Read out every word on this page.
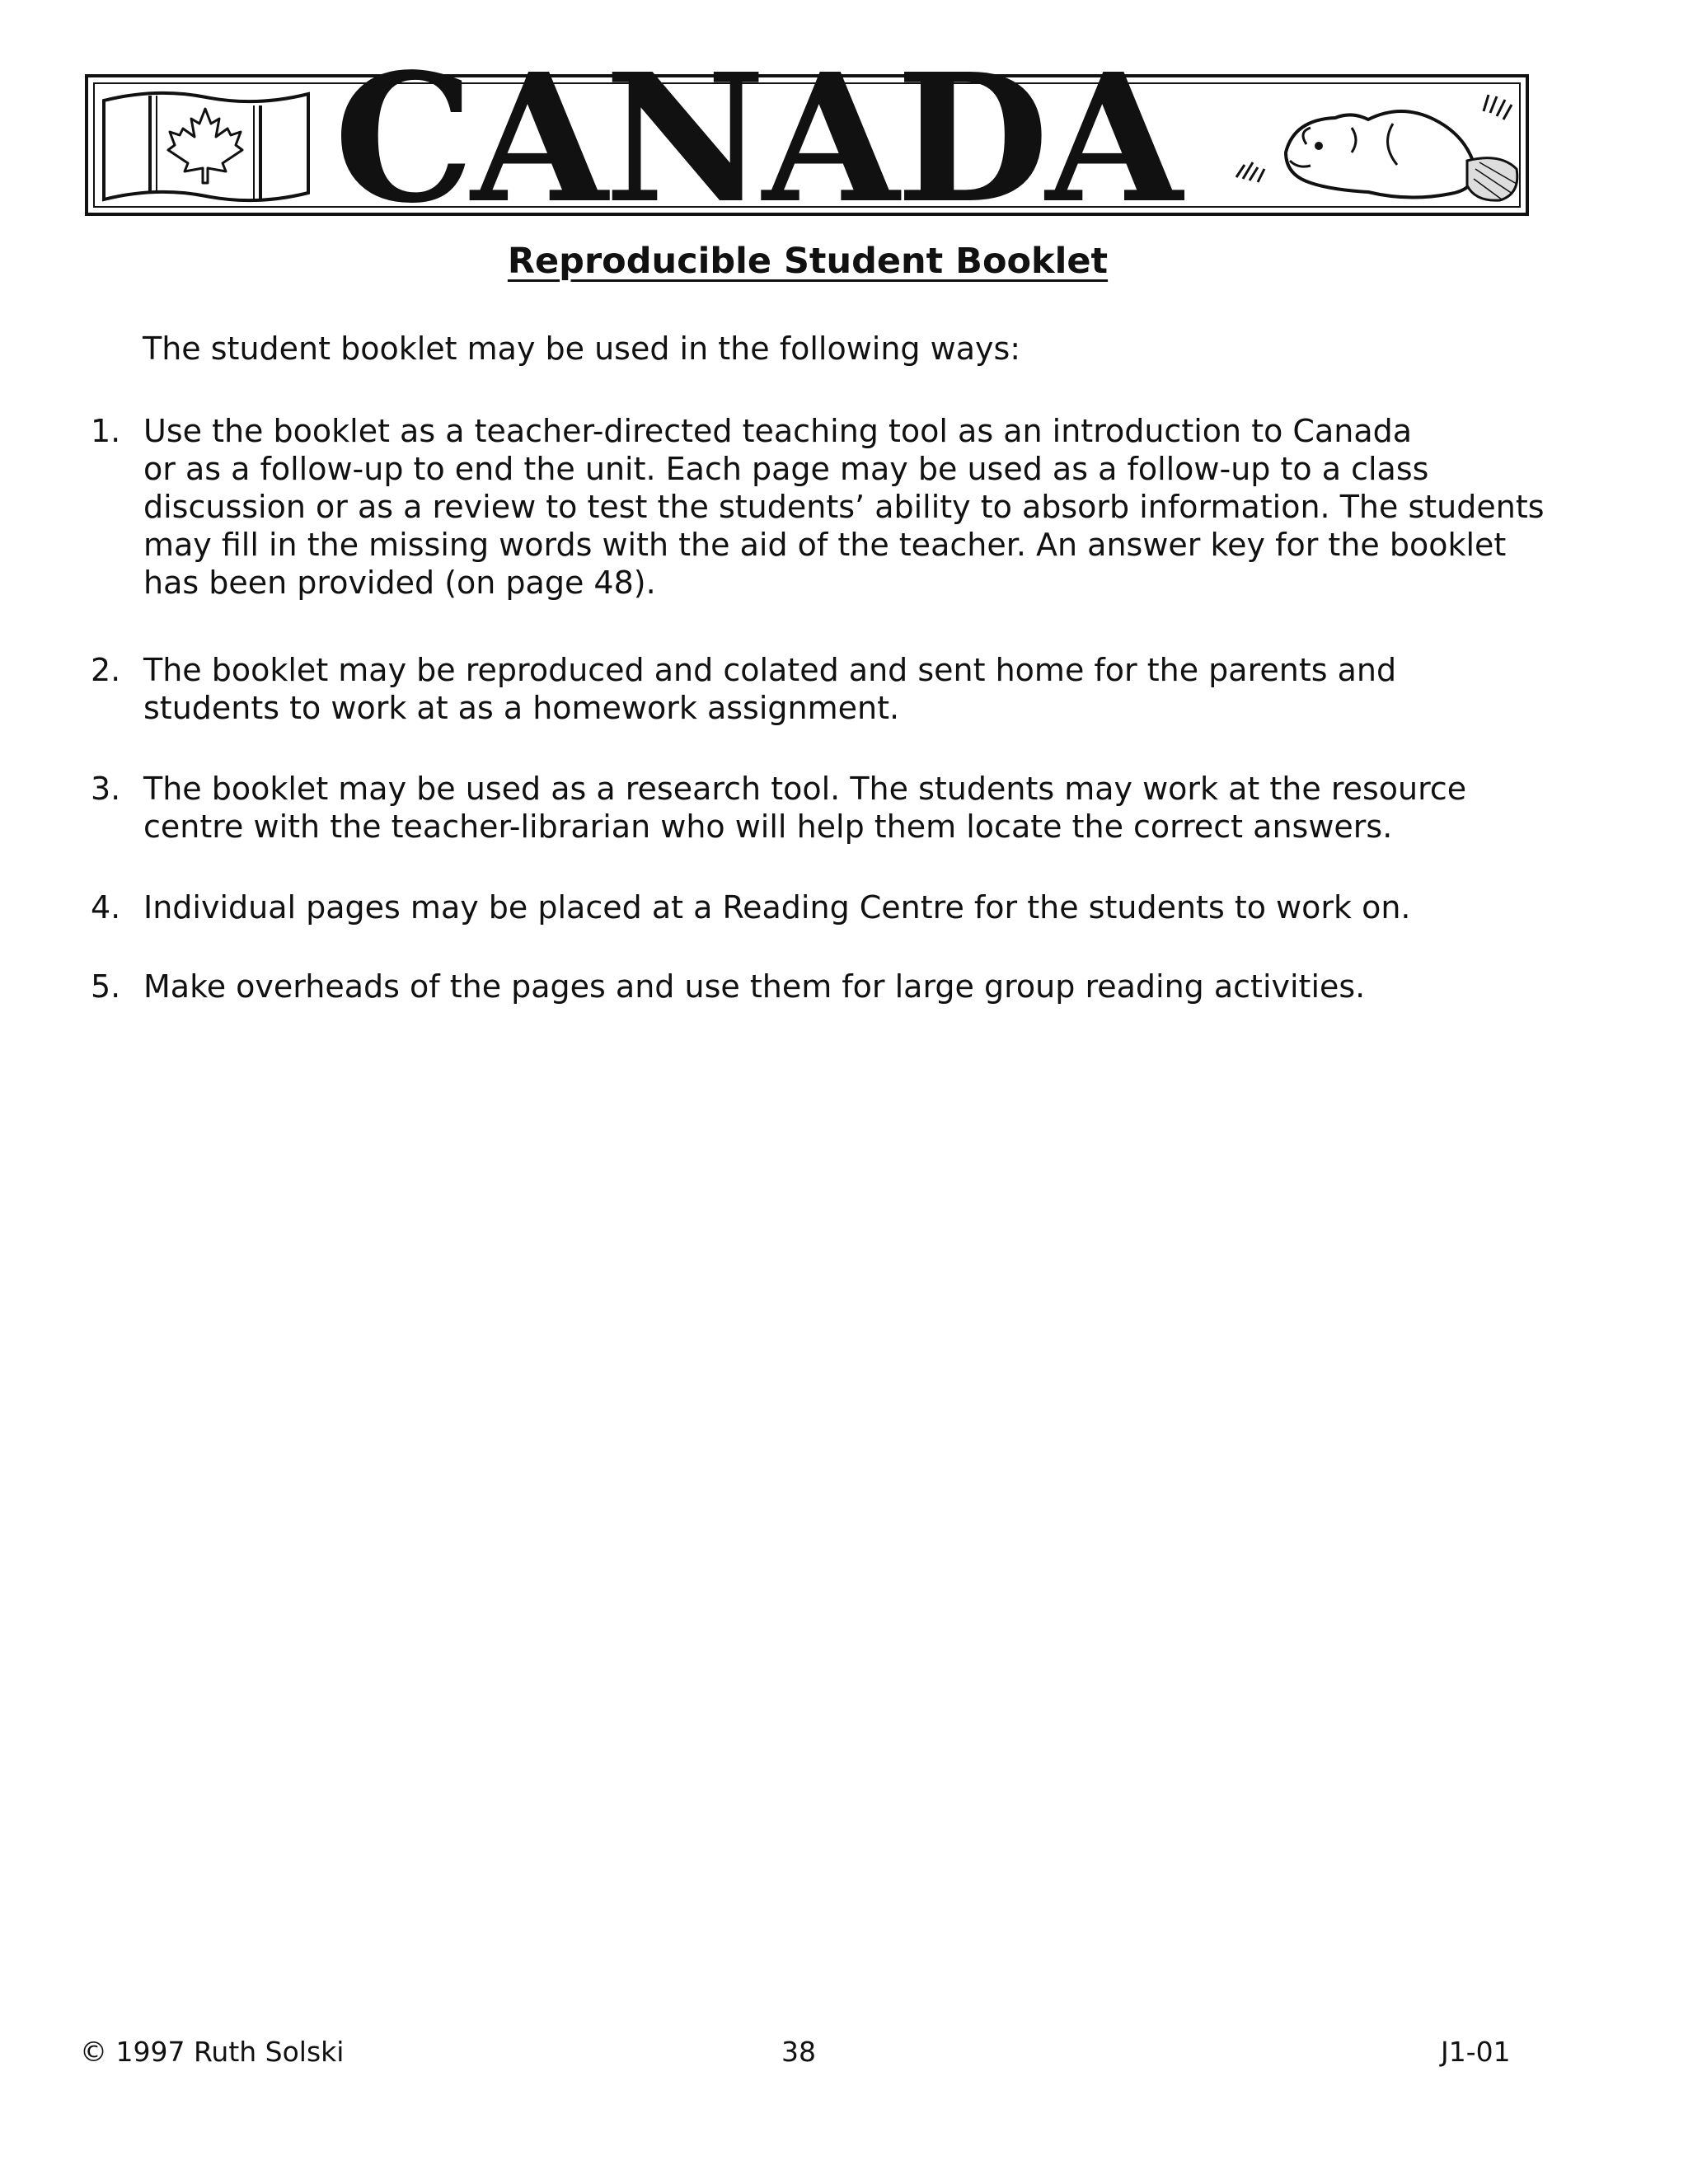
CANADA
Reproducible Student Booklet
The student booklet may be used in the following ways:
1. Use the booklet as a teacher-directed teaching tool as an introduction to Canada
or as a follow-up to end the unit. Each page may be used as a follow-up to a class
discussion or as a review to test the students’ ability to absorb information. The students
may fill in the missing words with the aid of the teacher. An answer key for the booklet
has been provided (on page 48).
2. The booklet may be reproduced and colated and sent home for the parents and
students to work at as a homework assignment.
3. The booklet may be used as a research tool. The students may work at the resource
centre with the teacher-librarian who will help them locate the correct answers.
4. Individual pages may be placed at a Reading Centre for the students to work on.
5. Make overheads of the pages and use them for large group reading activities.
© 1997 Ruth Solski	38	J1-01
